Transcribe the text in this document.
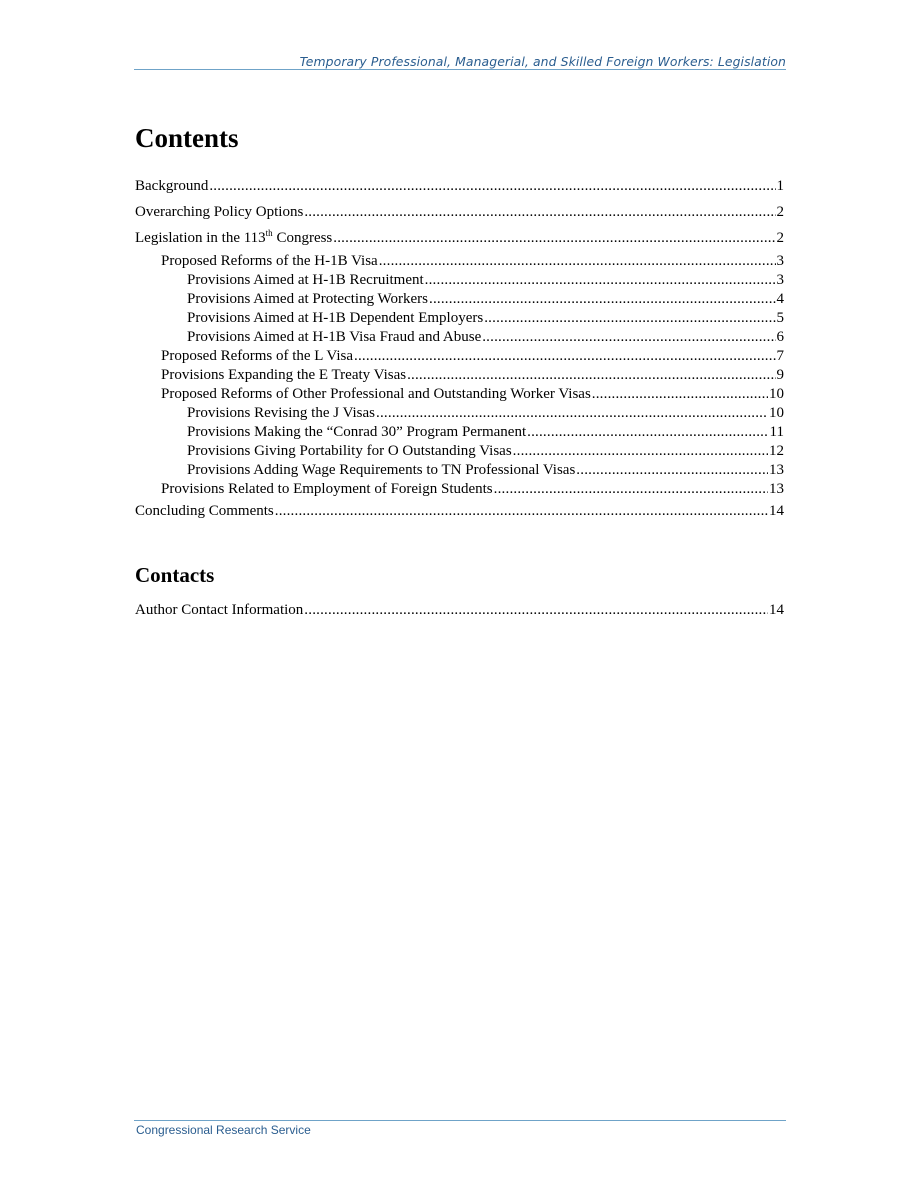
Temporary Professional, Managerial, and Skilled Foreign Workers: Legislation
Contents
Background .....	1
Overarching Policy Options .....	2
Legislation in the 113th Congress .....	2
Proposed Reforms of the H-1B Visa .....	3
Provisions Aimed at H-1B Recruitment .....	3
Provisions Aimed at Protecting Workers .....	4
Provisions Aimed at H-1B Dependent Employers .....	5
Provisions Aimed at H-1B Visa Fraud and Abuse .....	6
Proposed Reforms of the L Visa .....	7
Provisions Expanding the E Treaty Visas .....	9
Proposed Reforms of Other Professional and Outstanding Worker Visas .....	10
Provisions Revising the J Visas .....	10
Provisions Making the “Conrad 30” Program Permanent .....	11
Provisions Giving Portability for O Outstanding Visas .....	12
Provisions Adding Wage Requirements to TN Professional Visas .....	13
Provisions Related to Employment of Foreign Students .....	13
Concluding Comments .....	14
Contacts
Author Contact Information .....	14
Congressional Research Service
